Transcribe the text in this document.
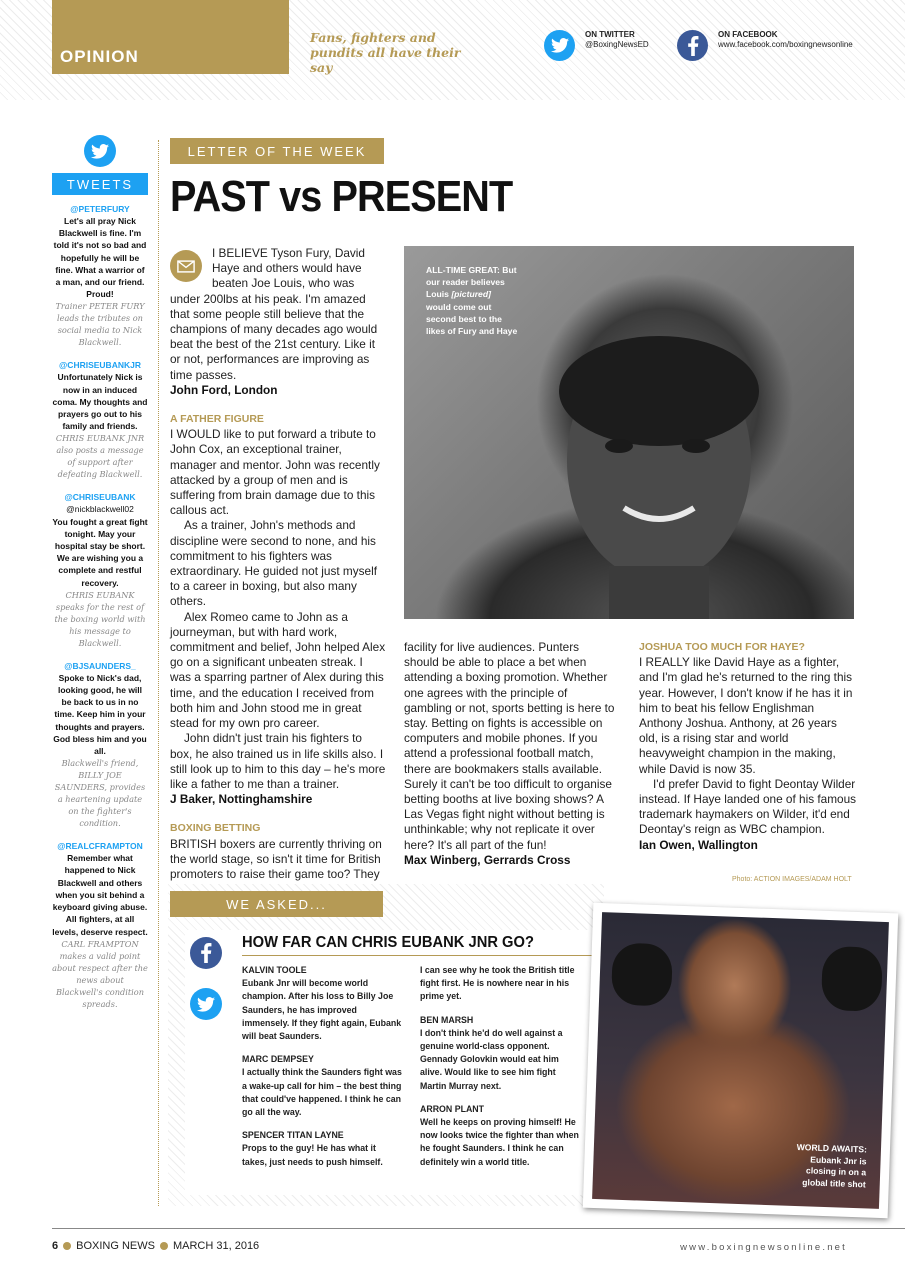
OPINION
Fans, fighters and pundits all have their say
ON TWITTER
@BoxingNewsED
ON FACEBOOK
www.facebook.com/boxingnewsonline
TWEETS
@PETERFURY
Let's all pray Nick Blackwell is fine. I'm told it's not so bad and hopefully he will be fine. What a warrior of a man, and our friend. Proud!
Trainer PETER FURY leads the tributes on social media to Nick Blackwell.
@CHRISEUBANKJR
Unfortunately Nick is now in an induced coma. My thoughts and prayers go out to his family and friends.
CHRIS EUBANK JNR also posts a message of support after defeating Blackwell.
@CHRISEUBANK
@nickblackwell02
You fought a great fight tonight. May your hospital stay be short. We are wishing you a complete and restful recovery.
CHRIS EUBANK speaks for the rest of the boxing world with his message to Blackwell.
@BJSAUNDERS_
Spoke to Nick's dad, looking good, he will be back to us in no time. Keep him in your thoughts and prayers. God bless him and you all.
Blackwell's friend, BILLY JOE SAUNDERS, provides a heartening update on the fighter's condition.
@REALCFRAMPTON
Remember what happened to Nick Blackwell and others when you sit behind a keyboard giving abuse. All fighters, at all levels, deserve respect.
CARL FRAMPTON makes a valid point about respect after the news about Blackwell's condition spreads.
LETTER OF THE WEEK
PAST vs PRESENT

I BELIEVE Tyson Fury, David Haye and others would have beaten Joe Louis, who was under 200lbs at his peak. I'm amazed that some people still believe that the champions of many decades ago would beat the best of the 21st century. Like it or not, performances are improving as time passes.

John Ford, London

A FATHER FIGURE

I WOULD like to put forward a tribute to John Cox, an exceptional trainer, manager and mentor. John was recently attacked by a group of men and is suffering from brain damage due to this callous act.

As a trainer, John's methods and discipline were second to none, and his commitment to his fighters was extraordinary. He guided not just myself to a career in boxing, but also many others.

Alex Romeo came to John as a journeyman, but with hard work, commitment and belief, John helped Alex go on a significant unbeaten streak. I was a sparring partner of Alex during this time, and the education I received from both him and John stood me in great stead for my own pro career.

John didn't just train his fighters to box, he also trained us in life skills also. I still look up to him to this day – he's more like a father to me than a trainer.

J Baker, Nottinghamshire

BOXING BETTING

BRITISH boxers are currently thriving on the world stage, so isn't it time for British promoters to raise their game too? They

ALL-TIME GREAT: But our reader believes Louis [pictured] would come out second best to the likes of Fury and Haye

facility for live audiences. Punters should be able to place a bet when attending a boxing promotion. Whether one agrees with the principle of gambling or not, sports betting is here to stay. Betting on fights is accessible on computers and mobile phones. If you attend a professional football match, there are bookmakers stalls available. Surely it can't be too difficult to organise betting booths at live boxing shows? A Las Vegas fight night without betting is unthinkable; why not replicate it over here? It's all part of the fun!

Max Winberg, Gerrards Cross

JOSHUA TOO MUCH FOR HAYE?

I REALLY like David Haye as a fighter, and I'm glad he's returned to the ring this year. However, I don't know if he has it in him to beat his fellow Englishman Anthony Joshua. Anthony, at 26 years old, is a rising star and world heavyweight champion in the making, while David is now 35.

I'd prefer David to fight Deontay Wilder instead. If Haye landed one of his famous trademark haymakers on Wilder, it'd end Deontay's reign as WBC champion.

Ian Owen, Wallington

Photo: ACTION IMAGES/ADAM HOLT
WE ASKED...
HOW FAR CAN CHRIS EUBANK JNR GO?
KALVIN TOOLE
Eubank Jnr will become world champion. After his loss to Billy Joe Saunders, he has improved immensely. If they fight again, Eubank will beat Saunders.
MARC DEMPSEY
I actually think the Saunders fight was a wake-up call for him – the best thing that could've happened. I think he can go all the way.
SPENCER TITAN LAYNE
Props to the guy! He has what it takes, just needs to push himself.
I can see why he took the British title fight first. He is nowhere near in his prime yet.
BEN MARSH
I don't think he'd do well against a genuine world-class opponent. Gennady Golovkin would eat him alive. Would like to see him fight Martin Murray next.
ARRON PLANT
Well he keeps on proving himself! He now looks twice the fighter than when he fought Saunders. I think he can definitely win a world title.
WORLD AWAITS: Eubank Jnr is closing in on a global title shot
6 BOXING NEWS MARCH 31, 2016	www.boxingnewsonline.net
